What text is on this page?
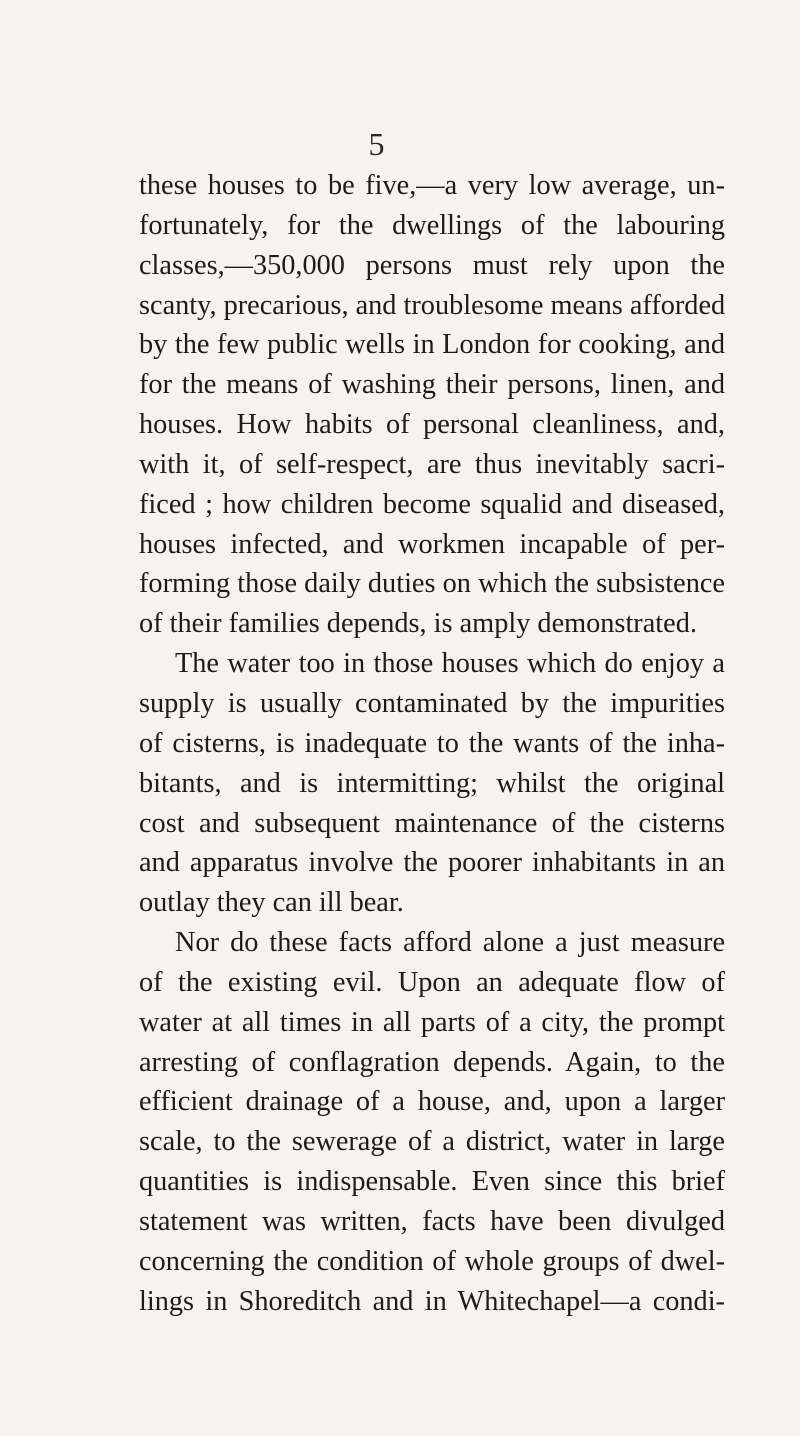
5
these houses to be five,—a very low average, un-
fortunately, for the dwellings of the labouring
classes,—350,000 persons must rely upon the
scanty, precarious, and troublesome means afforded
by the few public wells in London for cooking, and
for the means of washing their persons, linen, and
houses. How habits of personal cleanliness, and,
with it, of self-respect, are thus inevitably sacri-
ficed ; how children become squalid and diseased,
houses infected, and workmen incapable of per-
forming those daily duties on which the subsistence
of their families depends, is amply demonstrated.
The water too in those houses which do enjoy a
supply is usually contaminated by the impurities
of cisterns, is inadequate to the wants of the inha-
bitants, and is intermitting; whilst the original
cost and subsequent maintenance of the cisterns
and apparatus involve the poorer inhabitants in an
outlay they can ill bear.
Nor do these facts afford alone a just measure
of the existing evil. Upon an adequate flow of
water at all times in all parts of a city, the prompt
arresting of conflagration depends. Again, to the
efficient drainage of a house, and, upon a larger
scale, to the sewerage of a district, water in large
quantities is indispensable. Even since this brief
statement was written, facts have been divulged
concerning the condition of whole groups of dwel-
lings in Shoreditch and in Whitechapel—a condi-
